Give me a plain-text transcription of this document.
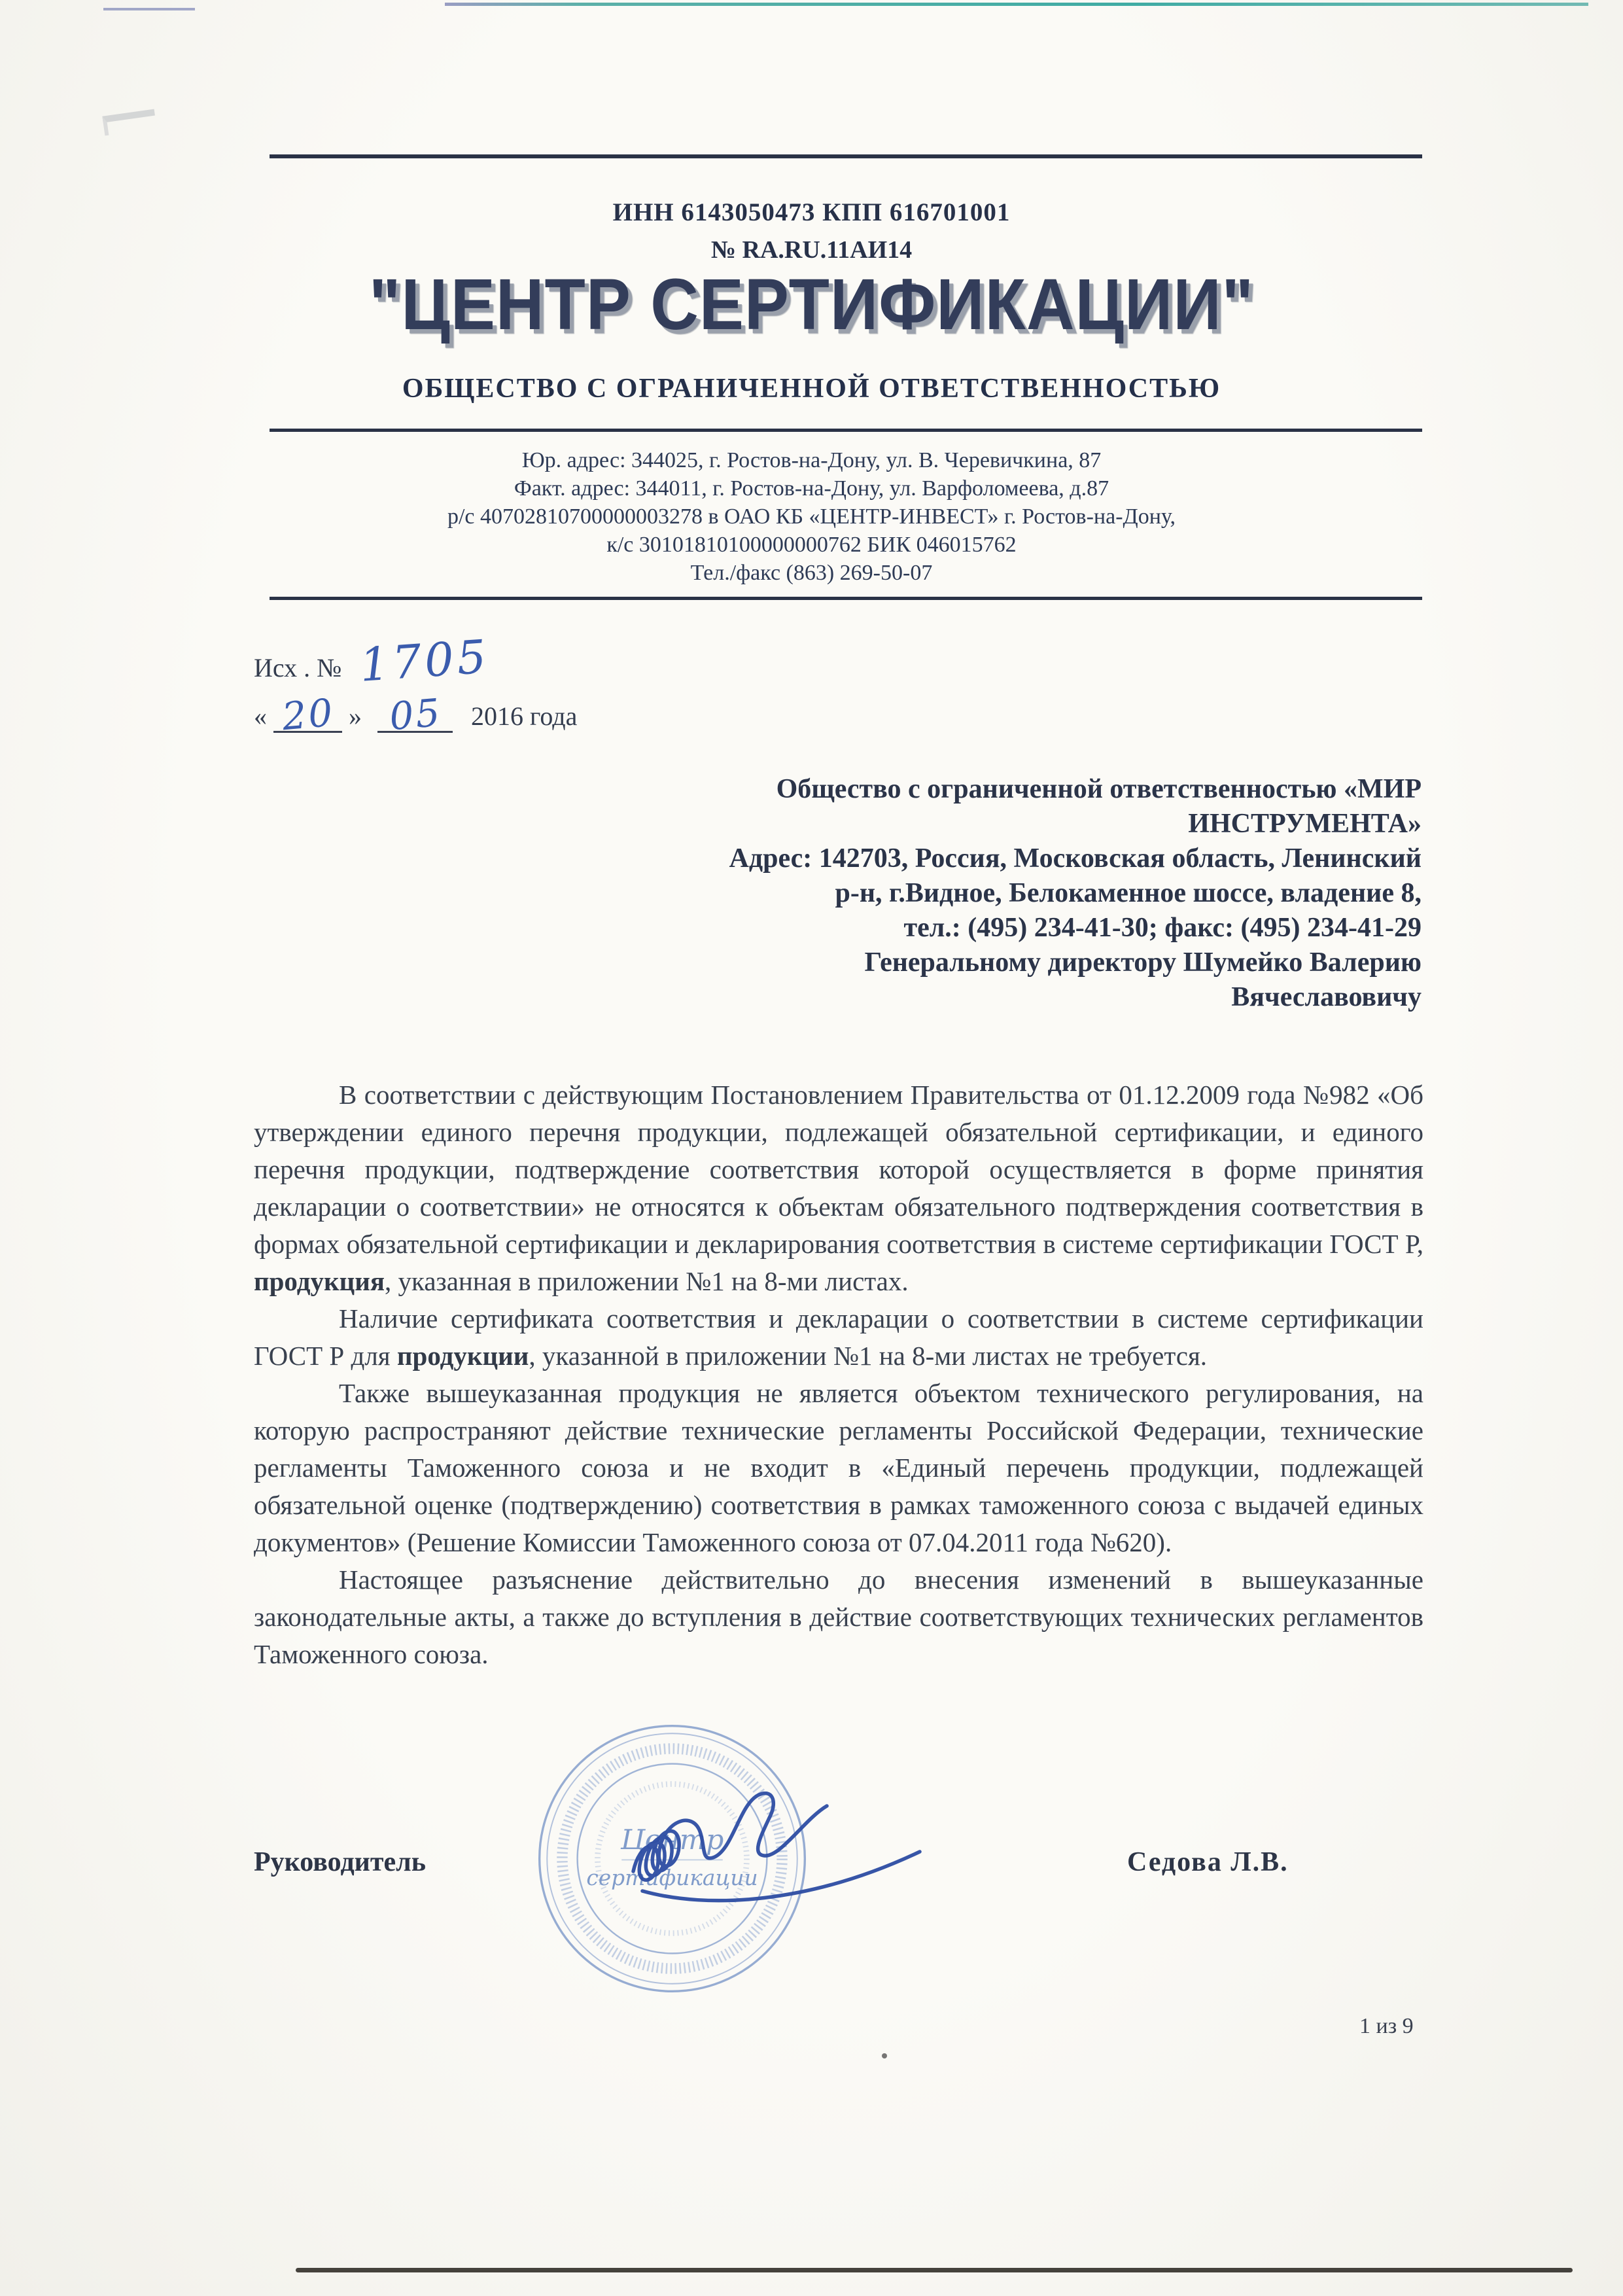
ИНН 6143050473 КПП 616701001
№ RA.RU.11АИ14
"ЦЕНТР СЕРТИФИКАЦИИ"
ОБЩЕСТВО С ОГРАНИЧЕННОЙ ОТВЕТСТВЕННОСТЬЮ
Юр. адрес: 344025, г. Ростов-на-Дону, ул. В. Черевичкина, 87
Факт. адрес: 344011, г. Ростов-на-Дону, ул. Варфоломеева, д.87
р/с 40702810700000003278 в ОАО КБ «ЦЕНТР-ИНВЕСТ» г. Ростов-на-Дону,
к/с 30101810100000000762 БИК 046015762
Тел./факс (863) 269-50-07
Исх . № 1705
« 20 » 05	2016 года
Общество с ограниченной ответственностью «МИР
ИНСТРУМЕНТА»
Адрес: 142703, Россия, Московская область, Ленинский
р-н, г.Видное, Белокаменное шоссе, владение 8,
тел.: (495) 234-41-30; факс: (495) 234-41-29
Генеральному директору Шумейко Валерию
Вячеславовичу

В соответствии с действующим Постановлением Правительства от 01.12.2009 года №982 «Об утверждении единого перечня продукции, подлежащей обязательной сертификации, и единого перечня продукции, подтверждение соответствия которой осуществляется в форме принятия декларации о соответствии» не относятся к объектам обязательного подтверждения соответствия в формах обязательной сертификации и декларирования соответствия в системе сертификации ГОСТ Р, продукция, указанная в приложении №1 на 8-ми листах.

Наличие сертификата соответствия и декларации о соответствии в системе сертификации ГОСТ Р для продукции, указанной в приложении №1 на 8-ми листах не требуется.

Также вышеуказанная продукция не является объектом технического регулирования, на которую распространяют действие технические регламенты Российской Федерации, технические регламенты Таможенного союза и не входит в «Единый перечень продукции, подлежащей обязательной оценке (подтверждению) соответствия в рамках таможенного союза с выдачей единых документов» (Решение Комиссии Таможенного союза от 07.04.2011 года №620).

Настоящее разъяснение действительно до внесения изменений в вышеуказанные законодательные акты, а также до вступления в действие соответствующих технических регламентов Таможенного союза.

Центр
сертификации
Руководитель	Седова Л.В.
1 из 9
